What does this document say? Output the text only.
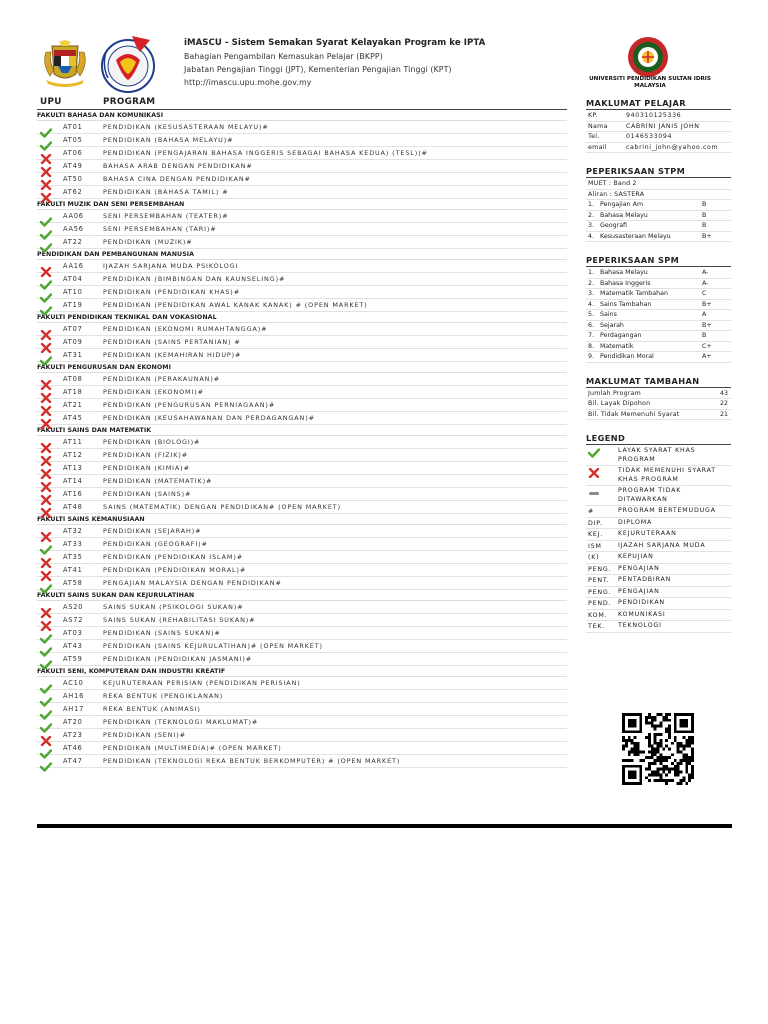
iMASCU - Sistem Semakan Syarat Kelayakan Program ke IPTA
Bahagian Pengambilan Kemasukan Pelajar (BKPP)
Jabatan Pengajian Tinggi (JPT), Kementerian Pengajian Tinggi (KPT)
http://imascu.upu.mohe.gov.my	UNIVERSITI PENDIDIKAN SULTAN IDRIS
MALAYSIA
UPU	PROGRAM
FAKULTI BAHASA DAN KOMUNIKASI
AT01	PENDIDIKAN (KESUSASTERAAN MELAYU)#
AT05	PENDIDIKAN (BAHASA MELAYU)#
AT06	PENDIDIKAN (PENGAJARAN BAHASA INGGERIS SEBAGAI BAHASA KEDUA) (TESL))#
AT49	BAHASA ARAB DENGAN PENDIDIKAN#
AT50	BAHASA CINA DENGAN PENDIDIKAN#
AT62	PENDIDIKAN (BAHASA TAMIL) #
FAKULTI MUZIK DAN SENI PERSEMBAHAN
AA06	SENI PERSEMBAHAN (TEATER)#
AA56	SENI PERSEMBAHAN (TARI)#
AT22	PENDIDIKAN (MUZIK)#
PENDIDIKAN DAN PEMBANGUNAN MANUSIA
AA16	IJAZAH SARJANA MUDA PSIKOLOGI
AT04	PENDIDIKAN (BIMBINGAN DAN KAUNSELING)#
AT10	PENDIDIKAN (PENDIDIKAN KHAS)#
AT19	PENDIDIKAN (PENDIDIKAN AWAL KANAK KANAK) # (OPEN MARKET)
FAKULTI PENDIDIKAN TEKNIKAL DAN VOKASIONAL
AT07	PENDIDIKAN (EKONOMI RUMAHTANGGA)#
AT09	PENDIDIKAN (SAINS PERTANIAN) #
AT31	PENDIDIKAN (KEMAHIRAN HIDUP)#
FAKULTI PENGURUSAN DAN EKONOMI
AT08	PENDIDIKAN (PERAKAUNAN)#
AT18	PENDIDIKAN (EKONOMI)#
AT21	PENDIDIKAN (PENGURUSAN PERNIAGAAN)#
AT45	PENDIDIKAN (KEUSAHAWANAN DAN PERDAGANGAN)#
FAKULTI SAINS DAN MATEMATIK
AT11	PENDIDIKAN (BIOLOGI)#
AT12	PENDIDIKAN (FIZIK)#
AT13	PENDIDIKAN (KIMIA)#
AT14	PENDIDIKAN (MATEMATIK)#
AT16	PENDIDIKAN (SAINS)#
AT48	SAINS (MATEMATIK) DENGAN PENDIDIKAN# (OPEN MARKET)
FAKULTI SAINS KEMANUSIAAN
AT32	PENDIDIKAN (SEJARAH)#
AT33	PENDIDIKAN (GEOGRAFI)#
AT35	PENDIDIKAN (PENDIDIKAN ISLAM)#
AT41	PENDIDIKAN (PENDIDIKAN MORAL)#
AT58	PENGAJIAN MALAYSIA DENGAN PENDIDIKAN#
FAKULTI SAINS SUKAN DAN KEJURULATIHAN
AS20	SAINS SUKAN (PSIKOLOGI SUKAN)#
AS72	SAINS SUKAN (REHABILITASI SUKAN)#
AT03	PENDIDIKAN (SAINS SUKAN)#
AT43	PENDIDIKAN (SAINS KEJURULATIHAN)# (OPEN MARKET)
AT59	PENDIDIKAN (PENDIDIKAN JASMANI)#
FAKULTI SENI, KOMPUTERAN DAN INDUSTRI KREATIF
AC10	KEJURUTERAAN PERISIAN (PENDIDIKAN PERISIAN)
AH16	REKA BENTUK (PENGIKLANAN)
AH17	REKA BENTUK (ANIMASI)
AT20	PENDIDIKAN (TEKNOLOGI MAKLUMAT)#
AT23	PENDIDIKAN (SENI)#
AT46	PENDIDIKAN (MULTIMEDIA)# (OPEN MARKET)
AT47	PENDIDIKAN (TEKNOLOGI REKA BENTUK BERKOMPUTER) # (OPEN MARKET)
MAKLUMAT PELAJAR
KP.	940310125336
Nama	CABRINI JANIS JOHN
Tel.	0146533094
email	cabrini_john@yahoo.com
PEPERIKSAAN STPM
MUET : Band 2
Aliran : SASTERA
1. Pengajian Am	B
2. Bahasa Melayu	B
3. Geografi	B
4. Kesusasteraan Melayu	B+
PEPERIKSAAN SPM
1. Bahasa Melayu	A-
2. Bahasa Inggeris	A-
3. Matematik Tambahan	C
4. Sains Tambahan	B+
5. Sains	A
6. Sejarah	B+
7. Perdagangan	B
8. Matematik	C+
9. Pendidikan Moral	A+
MAKLUMAT TAMBAHAN
Jumlah Program	43
Bil. Layak Dipohon	22
Bil. Tidak Memenuhi Syarat	21
LEGEND
LAYAK SYARAT KHAS PROGRAM
TIDAK MEMENUHI SYARAT KHAS PROGRAM
PROGRAM TIDAK DITAWARKAN
#	PROGRAM BERTEMUDUGA
DIP. DIPLOMA
KEJ. KEJURUTERAAN
ISM	IJAZAH SARJANA MUDA
(K)	KEPUJIAN
PENG. PENGAJIAN
PENT. PENTADBIRAN
PENG. PENGAJIAN
PEND. PENDIDIKAN
KOM. KOMUNIKASI
TEK. TEKNOLOGI
